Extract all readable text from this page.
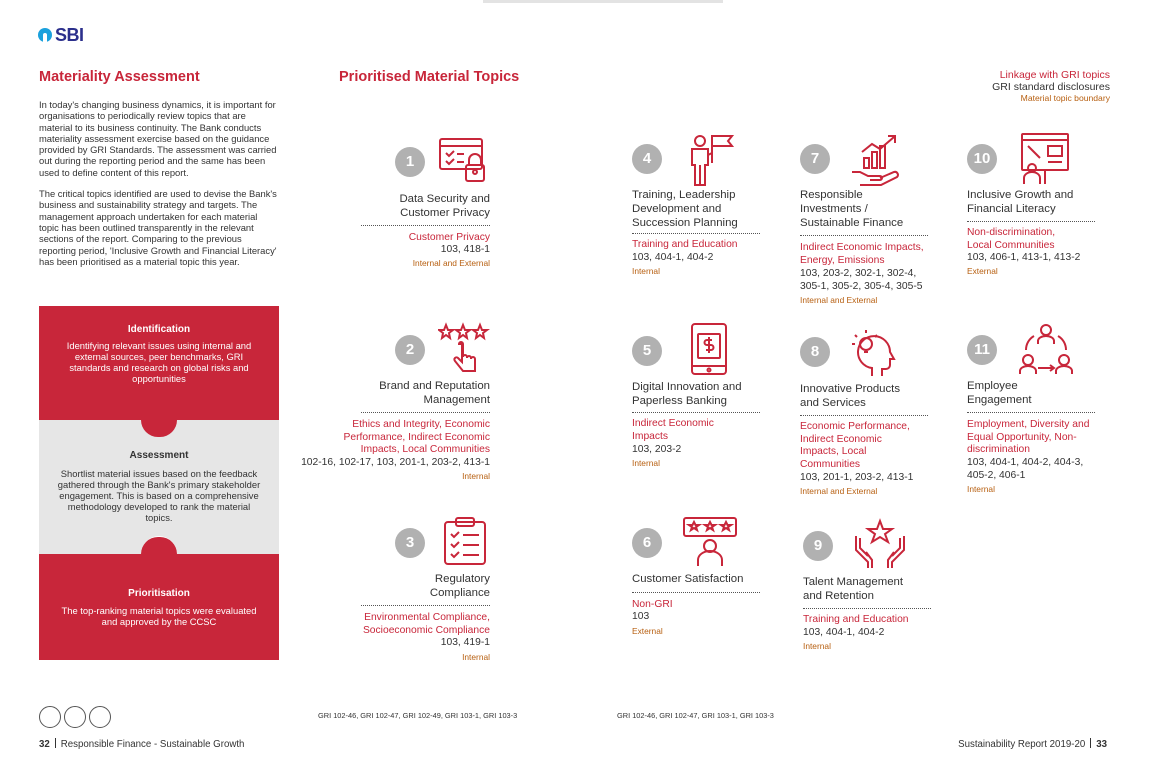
SBI
Materiality Assessment

In today's changing business dynamics, it is important for organisations to periodically review topics that are material to its business continuity. The Bank conducts materiality assessment exercise based on the guidance provided by GRI Standards. The assessment was carried out during the reporting period and the same has been used to define content of this report.

The critical topics identified are used to devise the Bank's business and sustainability strategy and targets. The management approach undertaken for each material topic has been outlined transparently in the relevant sections of the report. Comparing to the previous reporting period, 'Inclusive Growth and Financial Literacy' has been prioritised as a material topic this year.

Identification
Identifying relevant issues using internal and external sources, peer benchmarks, GRI standards and research on global risks and opportunities
Assessment
Shortlist material issues based on the feedback gathered through the Bank's primary stakeholder engagement. This is based on a comprehensive methodology developed to rank the material topics.
Prioritisation
The top-ranking material topics were evaluated and approved by the CCSC
Prioritised Material Topics	Linkage with GRI topics
GRI standard disclosures
Material topic boundary
1
Data Security and
Customer Privacy
Customer Privacy
103, 418-1
Internal and External
2
Brand and Reputation
Management
Ethics and Integrity, Economic
Performance, Indirect Economic
Impacts, Local Communities
102-16, 102-17, 103, 201-1, 203-2, 413-1
Internal
3
Regulatory
Compliance
Environmental Compliance,
Socioeconomic Compliance
103, 419-1
Internal
4
Training, Leadership
Development and
Succession Planning
Training and Education
103, 404-1, 404-2
Internal
5
Digital Innovation and
Paperless Banking
Indirect Economic
Impacts
103, 203-2
Internal
6
Customer Satisfaction
Non-GRI
103
External
7
Responsible
Investments /
Sustainable Finance
Indirect Economic Impacts,
Energy, Emissions
103, 203-2, 302-1, 302-4,
305-1, 305-2, 305-4, 305-5
Internal and External
8
Innovative Products
and Services
Economic Performance,
Indirect Economic
Impacts, Local
Communities
103, 201-1, 203-2, 413-1
Internal and External
9
Talent Management
and Retention
Training and Education
103, 404-1, 404-2
Internal
10
Inclusive Growth and
Financial Literacy
Non-discrimination,
Local Communities
103, 406-1, 413-1, 413-2
External
11
Employee
Engagement
Employment, Diversity and
Equal Opportunity, Non-
discrimination
103, 404-1, 404-2, 404-3,
405-2, 406-1
Internal
GRI 102-46, GRI 102-47, GRI 102-49, GRI 103-1, GRI 103-3	GRI 102-46, GRI 102-47, GRI 103-1, GRI 103-3
32 Responsible Finance - Sustainable Growth	Sustainability Report 2019-20 33
